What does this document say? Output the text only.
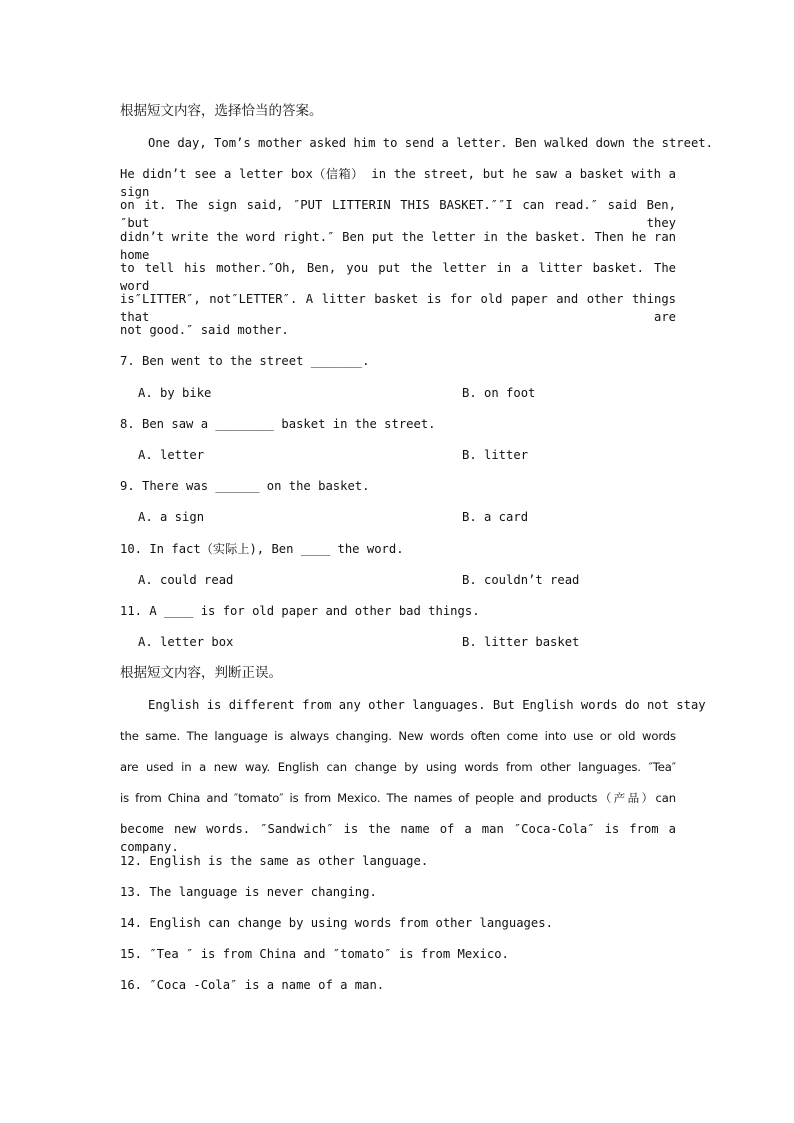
根据短文内容，选择恰当的答案。
One day, Tom’s mother asked him to send a letter. Ben walked down the street.
He didn’t see a letter box（信箱） in the street, but he saw a basket with a sign
on it. The sign said, ″PUT LITTERIN THIS BASKET.″″I can read.″ said Ben, ″but they
didn’t write the word right.″ Ben put the letter in the basket. Then he ran home
to tell his mother.″Oh, Ben, you put the letter in a litter basket. The word
is″LITTER″, not″LETTER″. A litter basket is for old paper and other things that are
not good.″ said mother.
7. Ben went to the street _______.
A. by bike	B. on foot
8. Ben saw a ________ basket in the street.
A. letter	B. litter
9. There was ______ on the basket.
A. a sign	B. a card
10. In fact（实际上), Ben ____ the word.
A. could read	B. couldn’t read
11. A ____ is for old paper and other bad things.
A. letter box	B. litter basket
根据短文内容，判断正误。
English is different from any other languages. But English words do not stay
the same. The language is always changing. New words often come into use or old words
are used in a new way. English can change by using words from other languages. ″Tea″
is from China and ″tomato″ is from Mexico. The names of people and products（产品）can
become new words. ″Sandwich″ is the name of a man ″Coca-Cola″ is from a company.
12. English is the same as other language.
13. The language is never changing.
14. English can change by using words from other languages.
15. ″Tea ″ is from China and ″tomato″ is from Mexico.
16. ″Coca -Cola″ is a name of a man.
